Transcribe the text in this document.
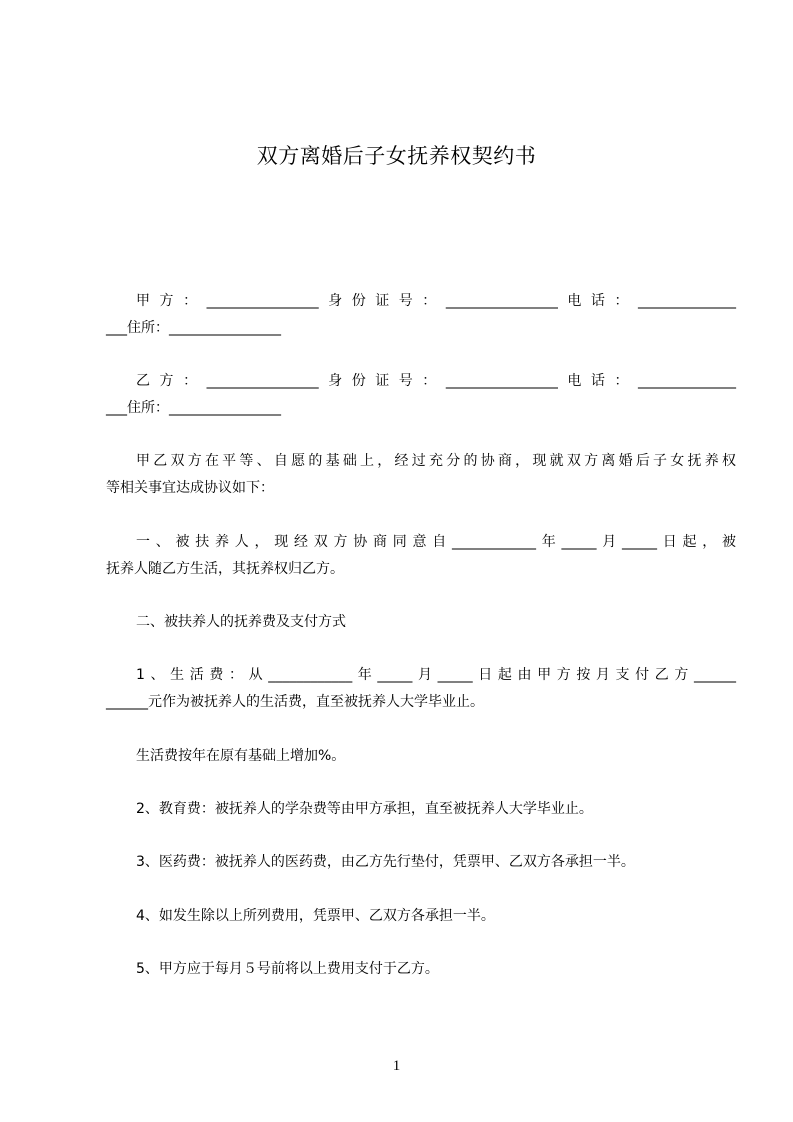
双方离婚后子女抚养权契约书
甲方：________________身份证号：________________电话：______________
___住所：________________
乙方：________________身份证号：________________电话：______________
___住所：________________
甲乙双方在平等、自愿的基础上，经过充分的协商，现就双方离婚后子女抚养权
等相关事宜达成协议如下：
一、被扶养人，现经双方协商同意自____________年_____月_____日起，被
抚养人随乙方生活，其抚养权归乙方。
二、被扶养人的抚养费及支付方式
1、生活费：从____________年_____月_____日起由甲方按月支付乙方______
______元作为被抚养人的生活费，直至被抚养人大学毕业止。
生活费按年在原有基础上增加%。
2、教育费：被抚养人的学杂费等由甲方承担，直至被抚养人大学毕业止。
3、医药费：被抚养人的医药费，由乙方先行垫付，凭票甲、乙双方各承担一半。
4、如发生除以上所列费用，凭票甲、乙双方各承担一半。
5、甲方应于每月５号前将以上费用支付于乙方。
1
